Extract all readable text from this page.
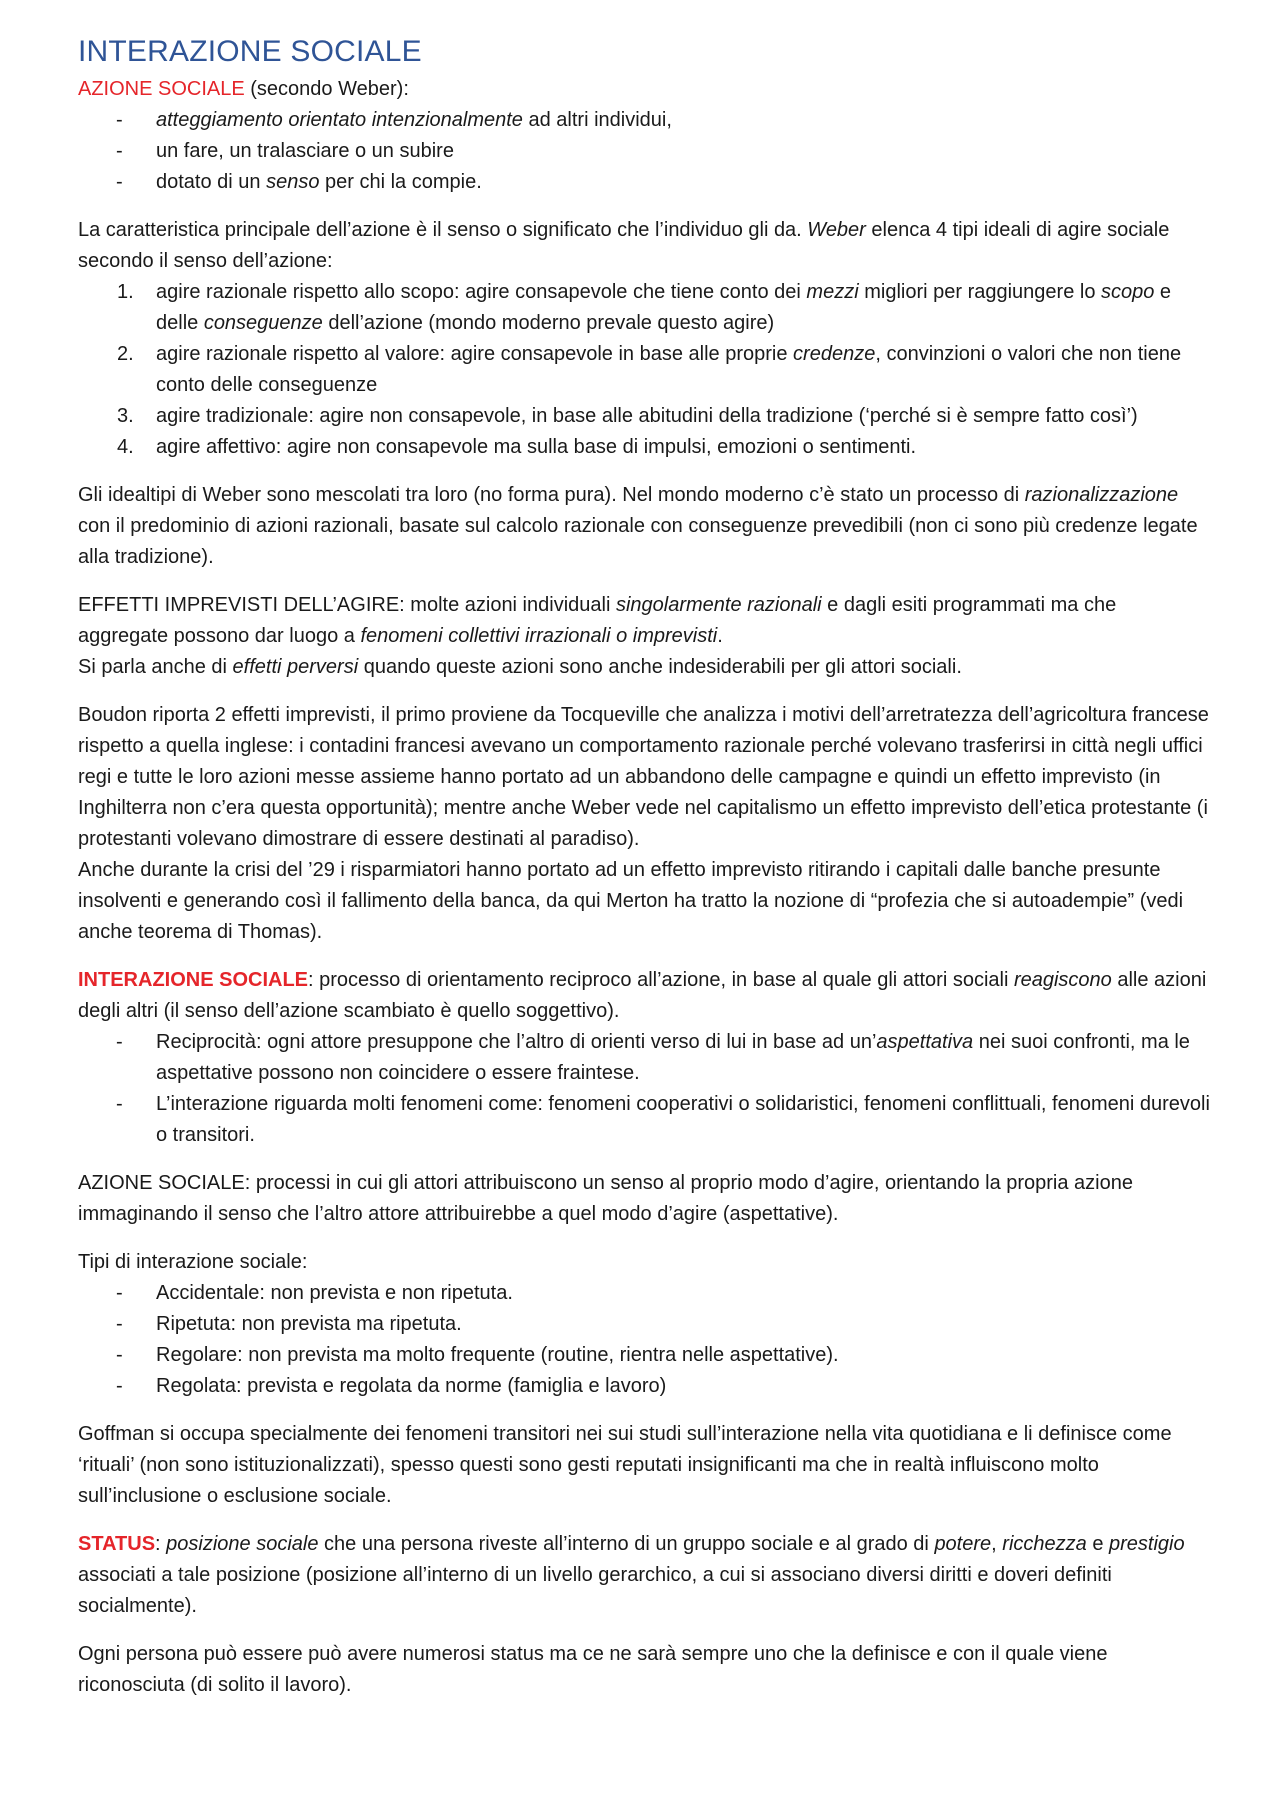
INTERAZIONE SOCIALE

AZIONE SOCIALE (secondo Weber):

- atteggiamento orientato intenzionalmente ad altri individui,
- un fare, un tralasciare o un subire
- dotato di un senso per chi la compie.

La caratteristica principale dell’azione è il senso o significato che l’individuo gli da. Weber elenca 4 tipi ideali di agire sociale secondo il senso dell’azione:

1. agire razionale rispetto allo scopo: agire consapevole che tiene conto dei mezzi migliori per raggiungere lo scopo e delle conseguenze dell’azione (mondo moderno prevale questo agire)
2. agire razionale rispetto al valore: agire consapevole in base alle proprie credenze, convinzioni o valori che non tiene conto delle conseguenze
3. agire tradizionale: agire non consapevole, in base alle abitudini della tradizione (‘perché si è sempre fatto così’)
4. agire affettivo: agire non consapevole ma sulla base di impulsi, emozioni o sentimenti.

Gli idealtipi di Weber sono mescolati tra loro (no forma pura). Nel mondo moderno c’è stato un processo di razionalizzazione con il predominio di azioni razionali, basate sul calcolo razionale con conseguenze prevedibili (non ci sono più credenze legate alla tradizione).

EFFETTI IMPREVISTI DELL’AGIRE: molte azioni individuali singolarmente razionali e dagli esiti programmati ma che aggregate possono dar luogo a fenomeni collettivi irrazionali o imprevisti.

Si parla anche di effetti perversi quando queste azioni sono anche indesiderabili per gli attori sociali.

Boudon riporta 2 effetti imprevisti, il primo proviene da Tocqueville che analizza i motivi dell’arretratezza dell’agricoltura francese rispetto a quella inglese: i contadini francesi avevano un comportamento razionale perché volevano trasferirsi in città negli uffici regi e tutte le loro azioni messe assieme hanno portato ad un abbandono delle campagne e quindi un effetto imprevisto (in Inghilterra non c’era questa opportunità); mentre anche Weber vede nel capitalismo un effetto imprevisto dell’etica protestante (i protestanti volevano dimostrare di essere destinati al paradiso).

Anche durante la crisi del ’29 i risparmiatori hanno portato ad un effetto imprevisto ritirando i capitali dalle banche presunte insolventi e generando così il fallimento della banca, da qui Merton ha tratto la nozione di “profezia che si autoadempie” (vedi anche teorema di Thomas).

INTERAZIONE SOCIALE: processo di orientamento reciproco all’azione, in base al quale gli attori sociali reagiscono alle azioni degli altri (il senso dell’azione scambiato è quello soggettivo).

- Reciprocità: ogni attore presuppone che l’altro di orienti verso di lui in base ad un’aspettativa nei suoi confronti, ma le aspettative possono non coincidere o essere fraintese.
- L’interazione riguarda molti fenomeni come: fenomeni cooperativi o solidaristici, fenomeni conflittuali, fenomeni durevoli o transitori.

AZIONE SOCIALE: processi in cui gli attori attribuiscono un senso al proprio modo d’agire, orientando la propria azione immaginando il senso che l’altro attore attribuirebbe a quel modo d’agire (aspettative).

Tipi di interazione sociale:

- Accidentale: non prevista e non ripetuta.
- Ripetuta: non prevista ma ripetuta.
- Regolare: non prevista ma molto frequente (routine, rientra nelle aspettative).
- Regolata: prevista e regolata da norme (famiglia e lavoro)

Goffman si occupa specialmente dei fenomeni transitori nei sui studi sull’interazione nella vita quotidiana e li definisce come ‘rituali’ (non sono istituzionalizzati), spesso questi sono gesti reputati insignificanti ma che in realtà influiscono molto sull’inclusione o esclusione sociale.

STATUS: posizione sociale che una persona riveste all’interno di un gruppo sociale e al grado di potere, ricchezza e prestigio associati a tale posizione (posizione all’interno di un livello gerarchico, a cui si associano diversi diritti e doveri definiti socialmente).

Ogni persona può essere può avere numerosi status ma ce ne sarà sempre uno che la definisce e con il quale viene riconosciuta (di solito il lavoro).
